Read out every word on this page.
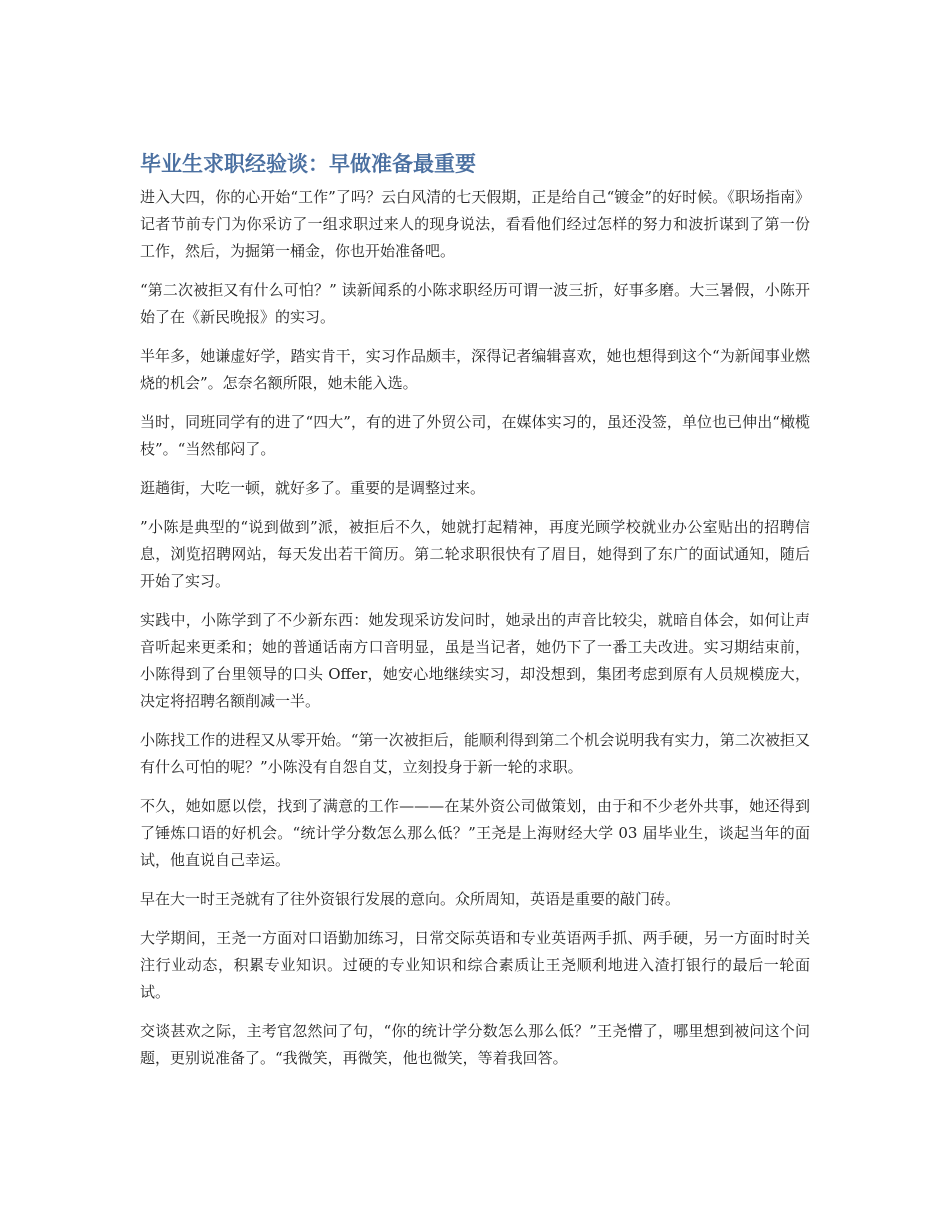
毕业生求职经验谈：早做准备最重要

进入大四，你的心开始“工作”了吗？云白风清的七天假期，正是给自己“镀金”的好时候。《职场指南》记者节前专门为你采访了一组求职过来人的现身说法，看看他们经过怎样的努力和波折谋到了第一份工作，然后，为掘第一桶金，你也开始准备吧。

“第二次被拒又有什么可怕？” 读新闻系的小陈求职经历可谓一波三折，好事多磨。大三暑假，小陈开始了在《新民晚报》的实习。

半年多，她谦虚好学，踏实肯干，实习作品颇丰，深得记者编辑喜欢，她也想得到这个“为新闻事业燃烧的机会”。怎奈名额所限，她未能入选。

当时，同班同学有的进了“四大”，有的进了外贸公司，在媒体实习的，虽还没签，单位也已伸出“橄榄枝”。“当然郁闷了。

逛趟街，大吃一顿，就好多了。重要的是调整过来。

”小陈是典型的“说到做到”派，被拒后不久，她就打起精神，再度光顾学校就业办公室贴出的招聘信息，浏览招聘网站，每天发出若干简历。第二轮求职很快有了眉目，她得到了东广的面试通知，随后开始了实习。

实践中，小陈学到了不少新东西：她发现采访发问时，她录出的声音比较尖，就暗自体会，如何让声音听起来更柔和；她的普通话南方口音明显，虽是当记者，她仍下了一番工夫改进。实习期结束前，小陈得到了台里领导的口头 Offer，她安心地继续实习，却没想到，集团考虑到原有人员规模庞大，决定将招聘名额削减一半。

小陈找工作的进程又从零开始。“第一次被拒后，能顺利得到第二个机会说明我有实力，第二次被拒又有什么可怕的呢？”小陈没有自怨自艾，立刻投身于新一轮的求职。

不久，她如愿以偿，找到了满意的工作———在某外资公司做策划，由于和不少老外共事，她还得到了锤炼口语的好机会。“统计学分数怎么那么低？”王尧是上海财经大学 03 届毕业生，谈起当年的面试，他直说自己幸运。

早在大一时王尧就有了往外资银行发展的意向。众所周知，英语是重要的敲门砖。

大学期间，王尧一方面对口语勤加练习，日常交际英语和专业英语两手抓、两手硬，另一方面时时关注行业动态，积累专业知识。过硬的专业知识和综合素质让王尧顺利地进入渣打银行的最后一轮面试。

交谈甚欢之际，主考官忽然问了句，“你的统计学分数怎么那么低？”王尧懵了，哪里想到被问这个问题，更别说准备了。“我微笑，再微笑，他也微笑，等着我回答。
